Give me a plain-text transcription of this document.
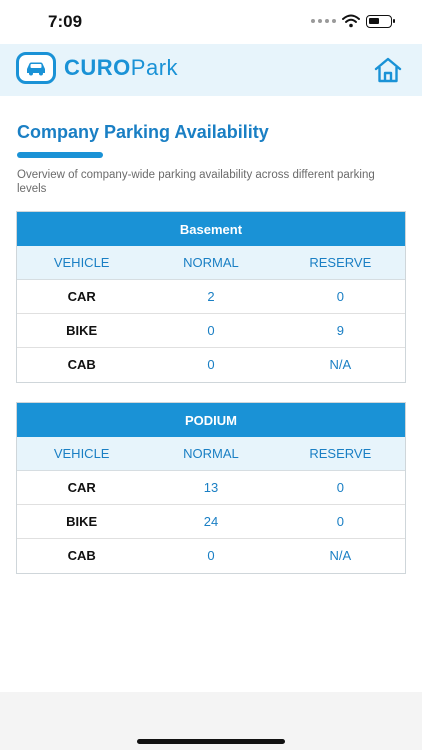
7:09
CUROPark
Company Parking Availability

Overview of company-wide parking availability across different parking levels

Basement
VEHICLE	NORMAL	RESERVE
CAR	2	0
BIKE	0	9
CAB	0	N/A
PODIUM
VEHICLE	NORMAL	RESERVE
CAR	13	0
BIKE	24	0
CAB	0	N/A
